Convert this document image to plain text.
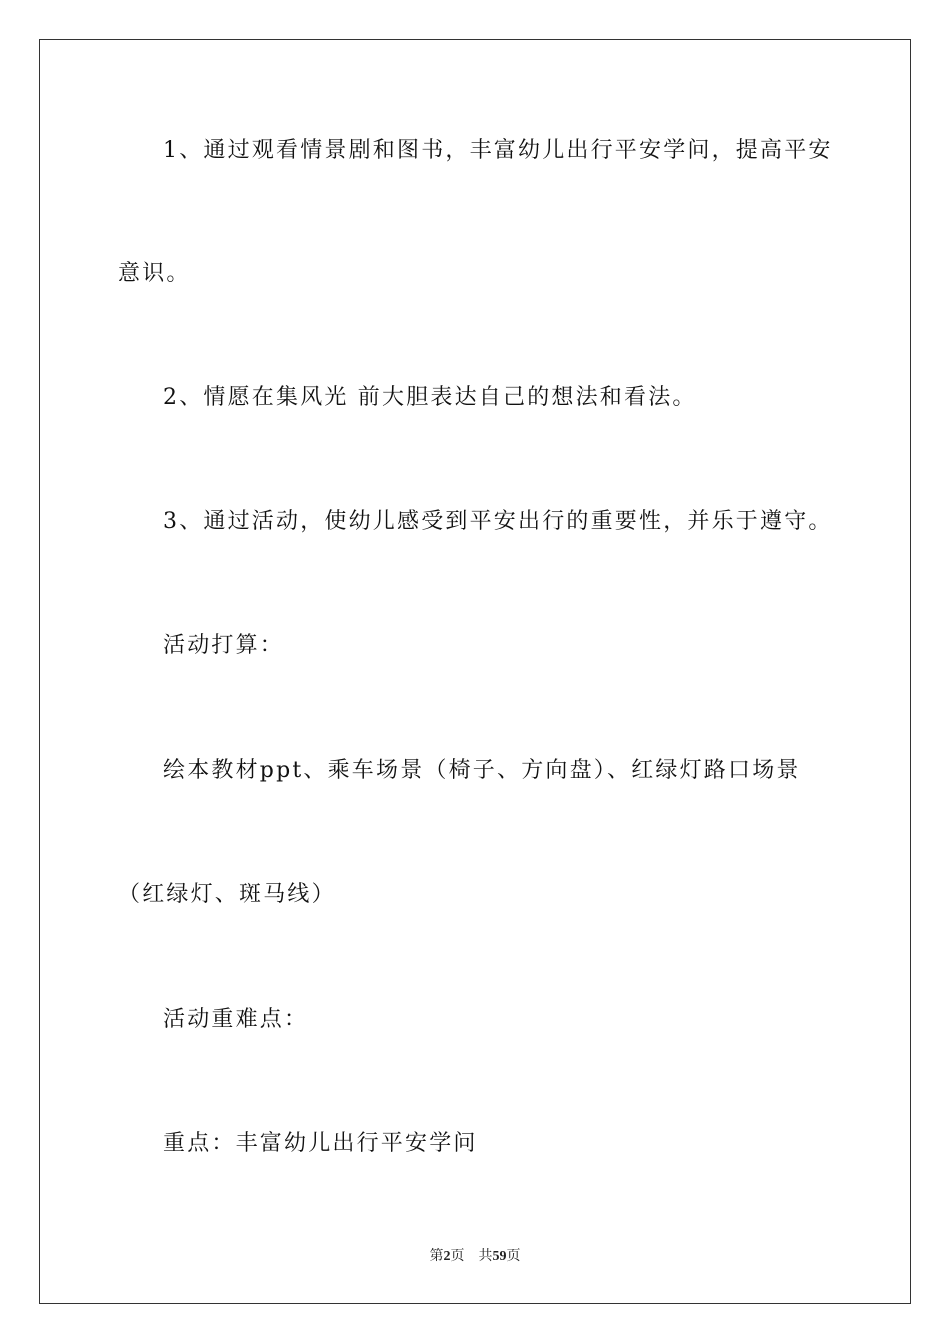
1、通过观看情景剧和图书，丰富幼儿出行平安学问，提高平安
意识。
2、情愿在集风光 前大胆表达自己的想法和看法。
3、通过活动，使幼儿感受到平安出行的重要性，并乐于遵守。
活动打算：
绘本教材ppt、乘车场景（椅子、方向盘）、红绿灯路口场景
（红绿灯、斑马线）
活动重难点：
重点：丰富幼儿出行平安学问
第2页 共59页
